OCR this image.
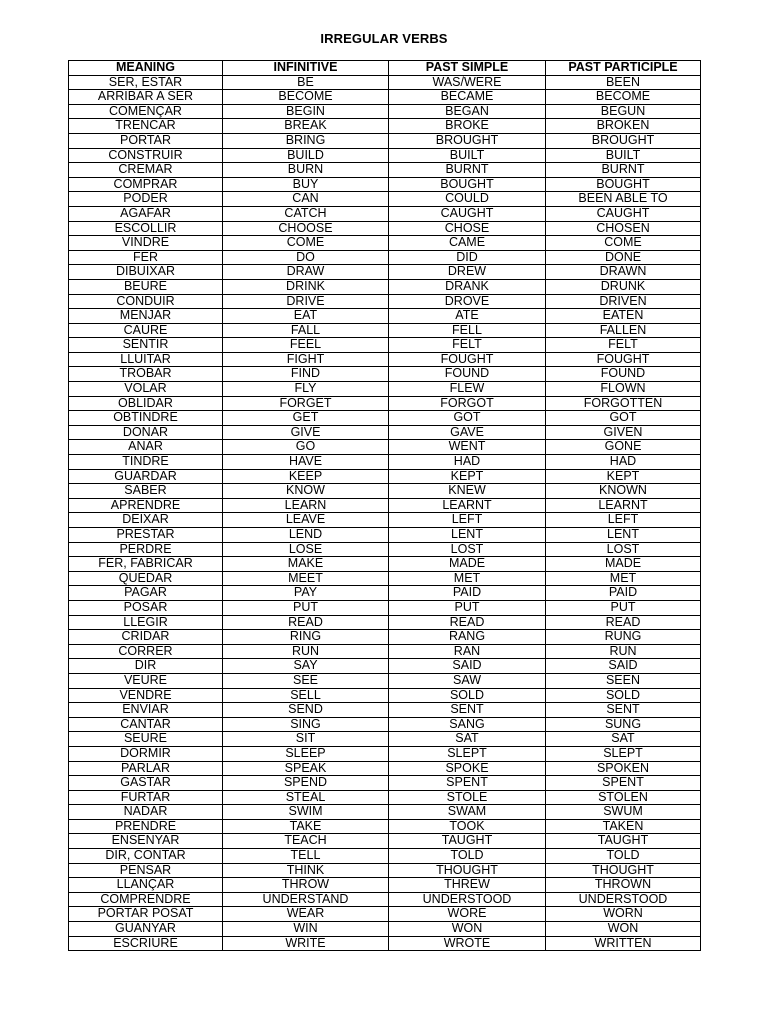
IRREGULAR VERBS
MEANING	INFINITIVE	PAST SIMPLE	PAST PARTICIPLE
SER, ESTAR	BE	WAS/WERE	BEEN
ARRIBAR A SER	BECOME	BECAME	BECOME
COMENÇAR	BEGIN	BEGAN	BEGUN
TRENCAR	BREAK	BROKE	BROKEN
PORTAR	BRING	BROUGHT	BROUGHT
CONSTRUIR	BUILD	BUILT	BUILT
CREMAR	BURN	BURNT	BURNT
COMPRAR	BUY	BOUGHT	BOUGHT
PODER	CAN	COULD	BEEN ABLE TO
AGAFAR	CATCH	CAUGHT	CAUGHT
ESCOLLIR	CHOOSE	CHOSE	CHOSEN
VINDRE	COME	CAME	COME
FER	DO	DID	DONE
DIBUIXAR	DRAW	DREW	DRAWN
BEURE	DRINK	DRANK	DRUNK
CONDUIR	DRIVE	DROVE	DRIVEN
MENJAR	EAT	ATE	EATEN
CAURE	FALL	FELL	FALLEN
SENTIR	FEEL	FELT	FELT
LLUITAR	FIGHT	FOUGHT	FOUGHT
TROBAR	FIND	FOUND	FOUND
VOLAR	FLY	FLEW	FLOWN
OBLIDAR	FORGET	FORGOT	FORGOTTEN
OBTINDRE	GET	GOT	GOT
DONAR	GIVE	GAVE	GIVEN
ANAR	GO	WENT	GONE
TINDRE	HAVE	HAD	HAD
GUARDAR	KEEP	KEPT	KEPT
SABER	KNOW	KNEW	KNOWN
APRENDRE	LEARN	LEARNT	LEARNT
DEIXAR	LEAVE	LEFT	LEFT
PRESTAR	LEND	LENT	LENT
PERDRE	LOSE	LOST	LOST
FER, FABRICAR	MAKE	MADE	MADE
QUEDAR	MEET	MET	MET
PAGAR	PAY	PAID	PAID
POSAR	PUT	PUT	PUT
LLEGIR	READ	READ	READ
CRIDAR	RING	RANG	RUNG
CORRER	RUN	RAN	RUN
DIR	SAY	SAID	SAID
VEURE	SEE	SAW	SEEN
VENDRE	SELL	SOLD	SOLD
ENVIAR	SEND	SENT	SENT
CANTAR	SING	SANG	SUNG
SEURE	SIT	SAT	SAT
DORMIR	SLEEP	SLEPT	SLEPT
PARLAR	SPEAK	SPOKE	SPOKEN
GASTAR	SPEND	SPENT	SPENT
FURTAR	STEAL	STOLE	STOLEN
NADAR	SWIM	SWAM	SWUM
PRENDRE	TAKE	TOOK	TAKEN
ENSENYAR	TEACH	TAUGHT	TAUGHT
DIR, CONTAR	TELL	TOLD	TOLD
PENSAR	THINK	THOUGHT	THOUGHT
LLANÇAR	THROW	THREW	THROWN
COMPRENDRE	UNDERSTAND	UNDERSTOOD	UNDERSTOOD
PORTAR POSAT	WEAR	WORE	WORN
GUANYAR	WIN	WON	WON
ESCRIURE	WRITE	WROTE	WRITTEN
